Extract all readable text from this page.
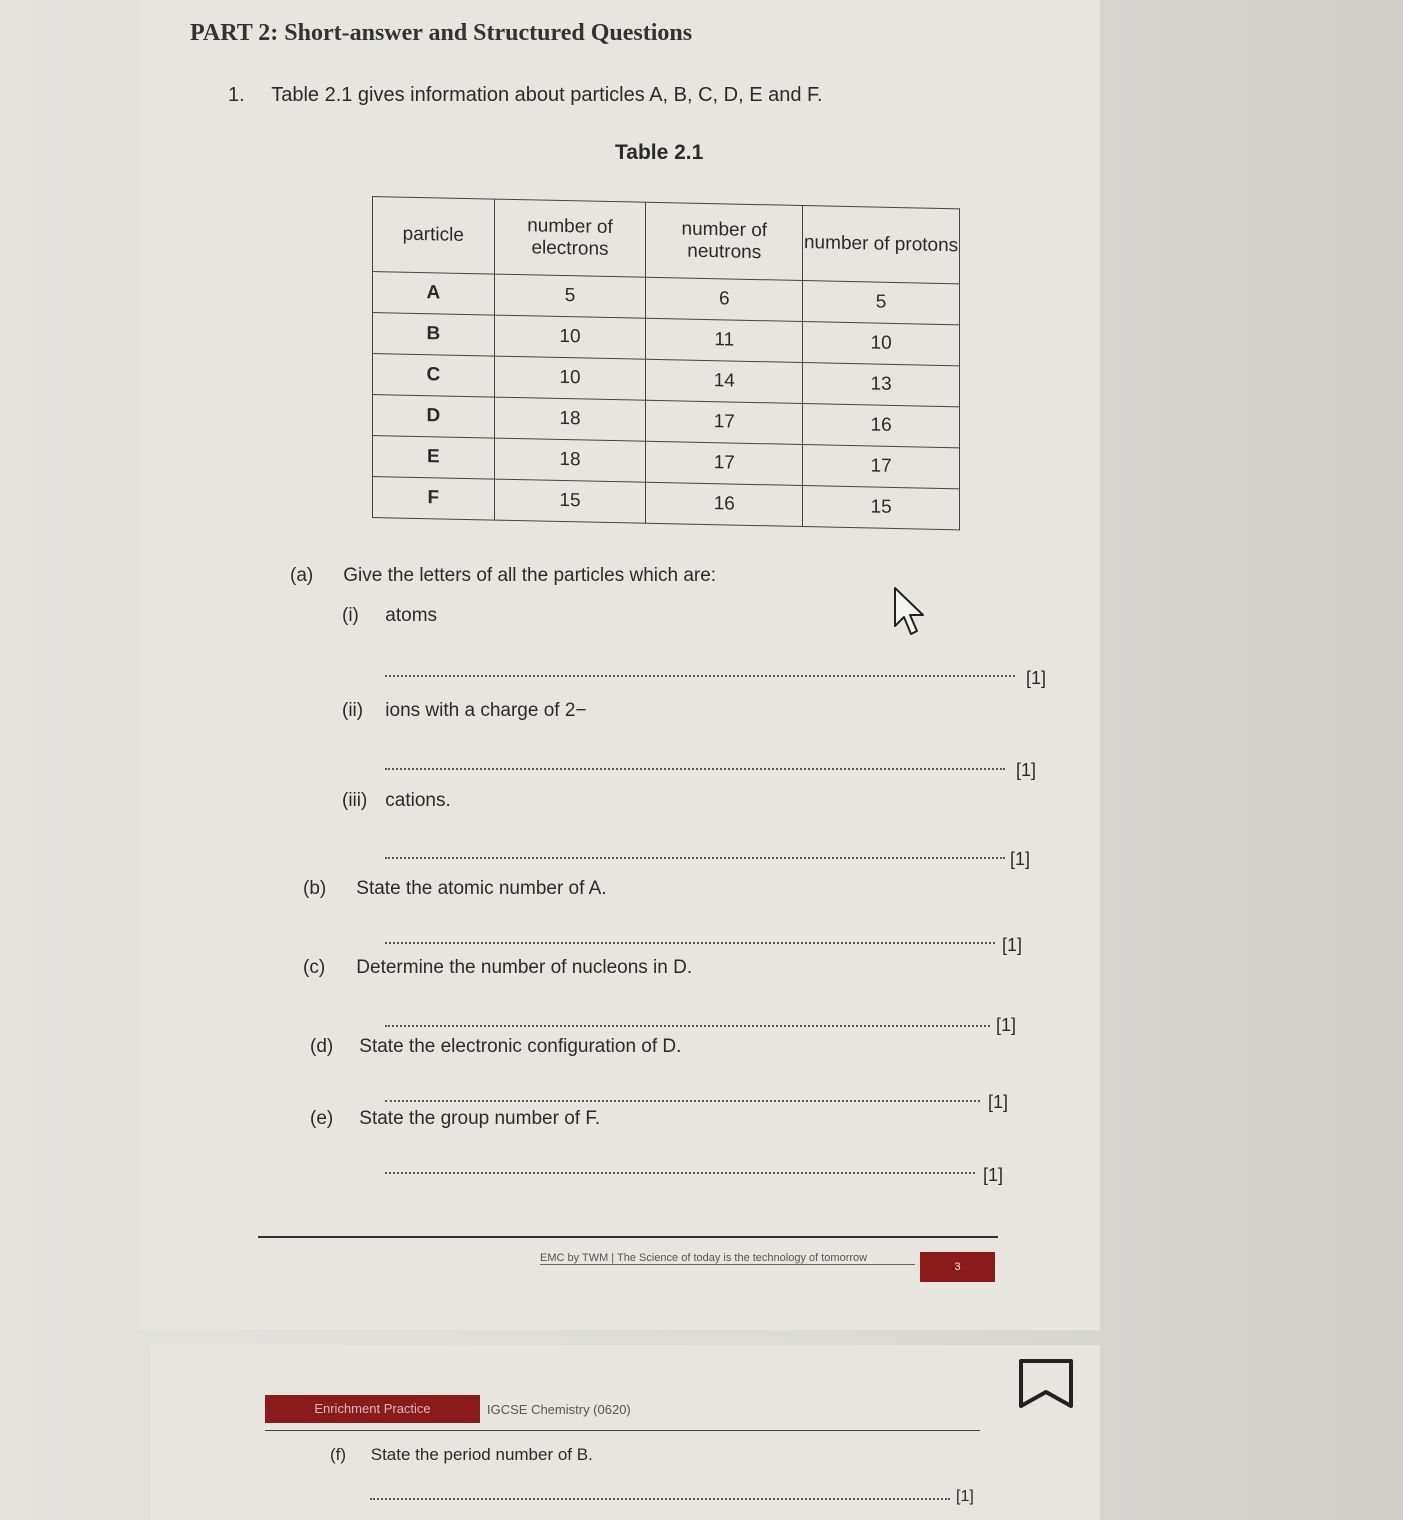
PART 2: Short-answer and Structured Questions
1. Table 2.1 gives information about particles A, B, C, D, E and F.
Table 2.1
particle	number of electrons	number of neutrons	number of protons
A	5	6	5
B	10	11	10
C	10	14	13
D	18	17	16
E	18	17	17
F	15	16	15
(a) Give the letters of all the particles which are:
(i) atoms
[1]
(ii) ions with a charge of 2−
[1]
(iii) cations.
[1]
(b) State the atomic number of A.
[1]
(c) Determine the number of nucleons in D.
[1]
(d) State the electronic configuration of D.
[1]
(e) State the group number of F.
[1]
EMC by TWM | The Science of today is the technology of tomorrow
3
Enrichment Practice	IGCSE Chemistry (0620)
(f) State the period number of B.
[1]
